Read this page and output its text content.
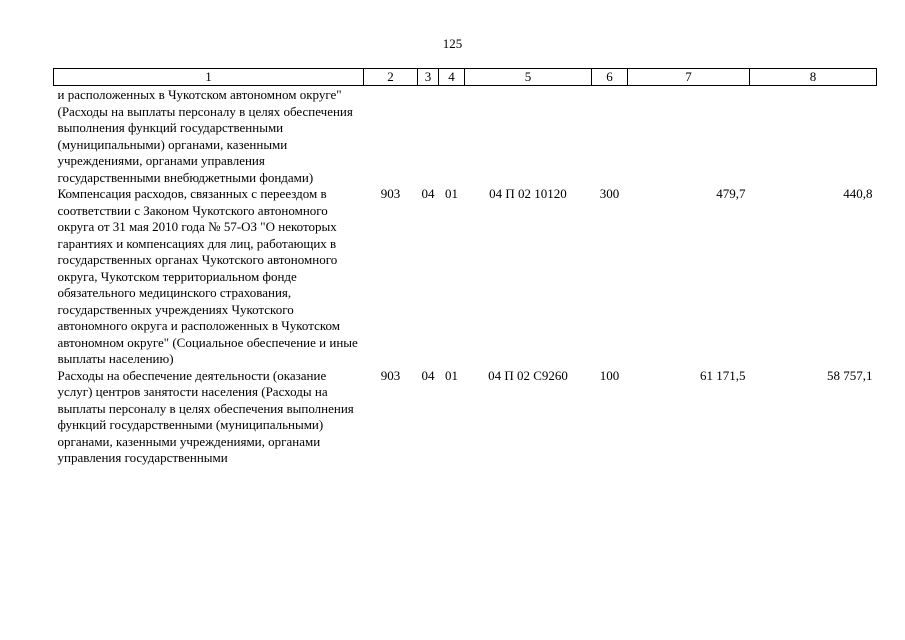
125
1	2	3	4	5	6	7	8
и расположенных в Чукотском автономном округе" (Расходы на выплаты персоналу в целях обеспечения выполнения функций государственными (муниципальными) органами, казенными учреждениями, органами управления государственными внебюджетными фондами)							
Компенсация расходов, связанных с переездом в соответствии с Законом Чукотского автономного округа от 31 мая 2010 года № 57-ОЗ "О некоторых гарантиях и компенсациях для лиц, работающих в государственных органах Чукотского автономного округа, Чукотском территориальном фонде обязательного медицинского страхования, государственных учреждениях Чукотского автономного округа и расположенных в Чукотском автономном округе" (Социальное обеспечение и иные выплаты населению)	903	04	01	04 П 02 10120	300	479,7	440,8
Расходы на обеспечение деятельности (оказание услуг) центров занятости населения (Расходы на выплаты персоналу в целях обеспечения выполнения функций государственными (муниципальными) органами, казенными учреждениями, органами управления государственными	903	04	01	04 П 02 С9260	100	61 171,5	58 757,1
